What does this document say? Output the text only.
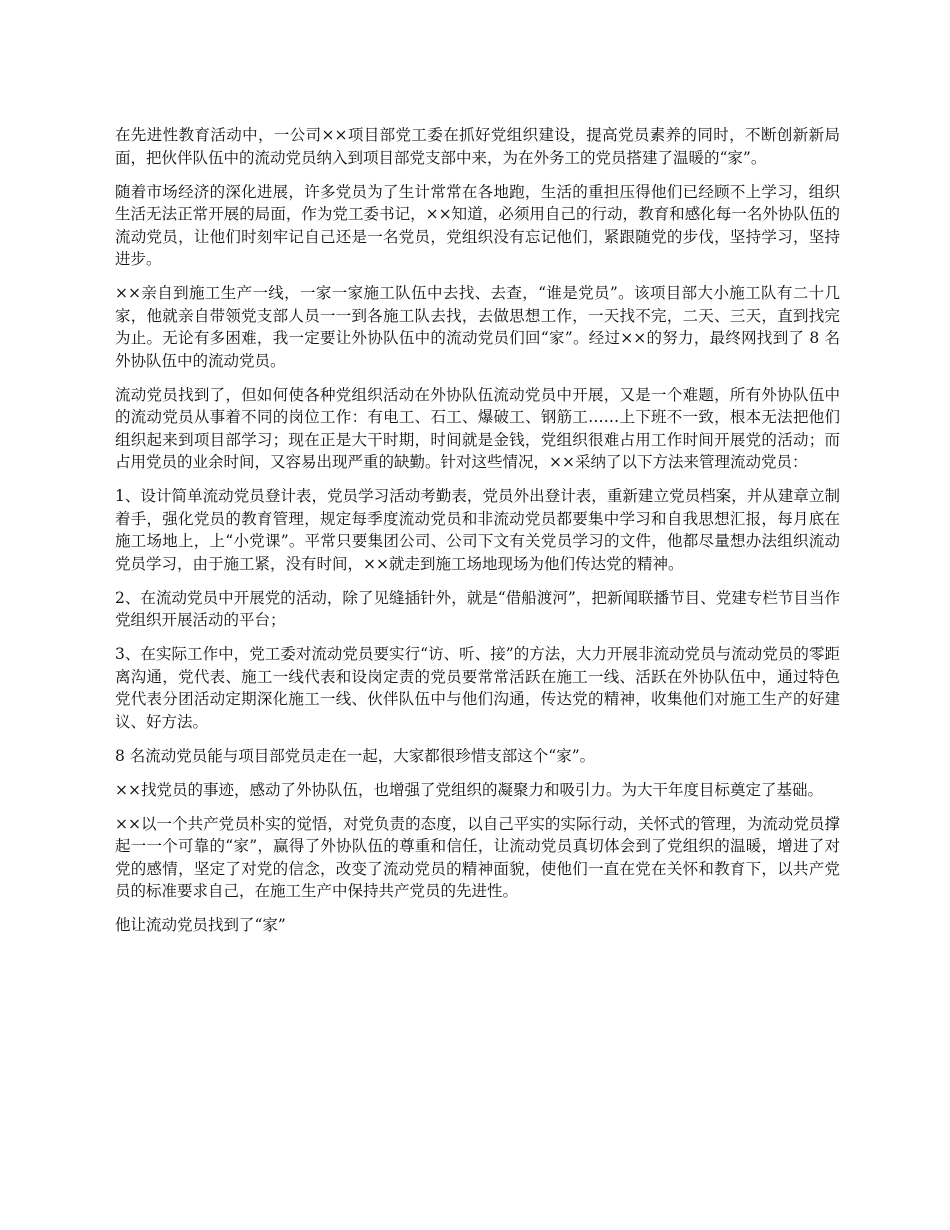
在先进性教育活动中，一公司××项目部党工委在抓好党组织建设，提高党员素养的同时，不断创新新局面，把伙伴队伍中的流动党员纳入到项目部党支部中来，为在外务工的党员搭建了温暖的“家”。

随着市场经济的深化进展，许多党员为了生计常常在各地跑，生活的重担压得他们已经顾不上学习，组织生活无法正常开展的局面，作为党工委书记，××知道，必须用自己的行动，教育和感化每一名外协队伍的流动党员，让他们时刻牢记自己还是一名党员，党组织没有忘记他们，紧跟随党的步伐，坚持学习，坚持进步。

××亲自到施工生产一线，一家一家施工队伍中去找、去查，“谁是党员”。该项目部大小施工队有二十几家，他就亲自带领党支部人员一一到各施工队去找，去做思想工作，一天找不完，二天、三天，直到找完为止。无论有多困难，我一定要让外协队伍中的流动党员们回“家”。经过××的努力，最终网找到了 8 名外协队伍中的流动党员。

流动党员找到了，但如何使各种党组织活动在外协队伍流动党员中开展，又是一个难题，所有外协队伍中的流动党员从事着不同的岗位工作：有电工、石工、爆破工、钢筋工……上下班不一致，根本无法把他们组织起来到项目部学习；现在正是大干时期，时间就是金钱，党组织很难占用工作时间开展党的活动；而占用党员的业余时间，又容易出现严重的缺勤。针对这些情况，××采纳了以下方法来管理流动党员：

1、设计简单流动党员登计表，党员学习活动考勤表，党员外出登计表，重新建立党员档案，并从建章立制着手，强化党员的教育管理，规定每季度流动党员和非流动党员都要集中学习和自我思想汇报，每月底在施工场地上，上“小党课”。平常只要集团公司、公司下文有关党员学习的文件，他都尽量想办法组织流动党员学习，由于施工紧，没有时间，××就走到施工场地现场为他们传达党的精神。

2、在流动党员中开展党的活动，除了见缝插针外，就是“借船渡河”，把新闻联播节目、党建专栏节目当作党组织开展活动的平台；

3、在实际工作中，党工委对流动党员要实行“访、听、接”的方法，大力开展非流动党员与流动党员的零距离沟通，党代表、施工一线代表和设岗定责的党员要常常活跃在施工一线、活跃在外协队伍中，通过特色党代表分团活动定期深化施工一线、伙伴队伍中与他们沟通，传达党的精神，收集他们对施工生产的好建议、好方法。

8 名流动党员能与项目部党员走在一起，大家都很珍惜支部这个“家”。

××找党员的事迹，感动了外协队伍，也增强了党组织的凝聚力和吸引力。为大干年度目标奠定了基础。

××以一个共产党员朴实的觉悟，对党负责的态度，以自己平实的实际行动，关怀式的管理，为流动党员撑起一一个可靠的“家”，赢得了外协队伍的尊重和信任，让流动党员真切体会到了党组织的温暖，增进了对党的感情，坚定了对党的信念，改变了流动党员的精神面貌，使他们一直在党在关怀和教育下，以共产党员的标准要求自己，在施工生产中保持共产党员的先进性。

他让流动党员找到了“家”
